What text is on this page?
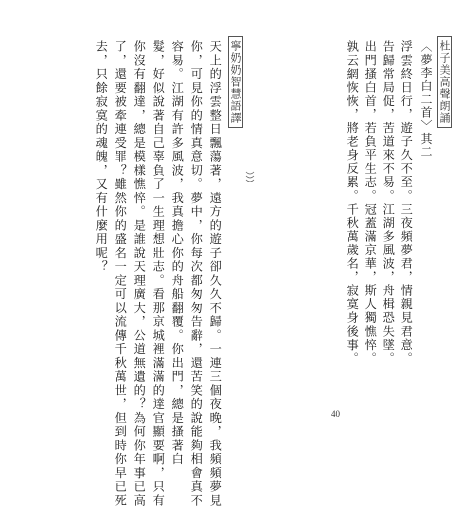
杜子美高聲朗誦
〈夢李白二首〉其二
浮雲終日行，遊子久不至。三夜頻夢君，情親見君意。
告歸常局促，苦道來不易。江湖多風波，舟楫恐失墜。
出門搔白首，若負平生志。冠蓋滿京華，斯人獨憔悴。
孰云網恢恢，將老身反累。千秋萬歲名，寂寞身後事。
寧奶奶智慧語譯
天上的浮雲整日飄蕩著，遠方的遊子卻久久不歸。一連三個夜晚，我頻頻夢見
你，可見你的情真意切。夢中，你每次都匆匆告辭，還苦笑的說能夠相會真不
容易。江湖有許多風波，我真擔心你的舟船翻覆。你出門，總是搔著白
髮，好似說著自己辜負了一生理想壯志。看那京城裡滿滿的達官顯要啊，只有
你沒有翻達，總是模樣憔悴。是誰說天理廣大，公道無遺的？為何你年事已高
了，還要被牽連受罪？雖然你的盛名一定可以流傳千秋萬世，但到時你早已死
去，只餘寂寞的魂魄，又有什麼用呢？
40
